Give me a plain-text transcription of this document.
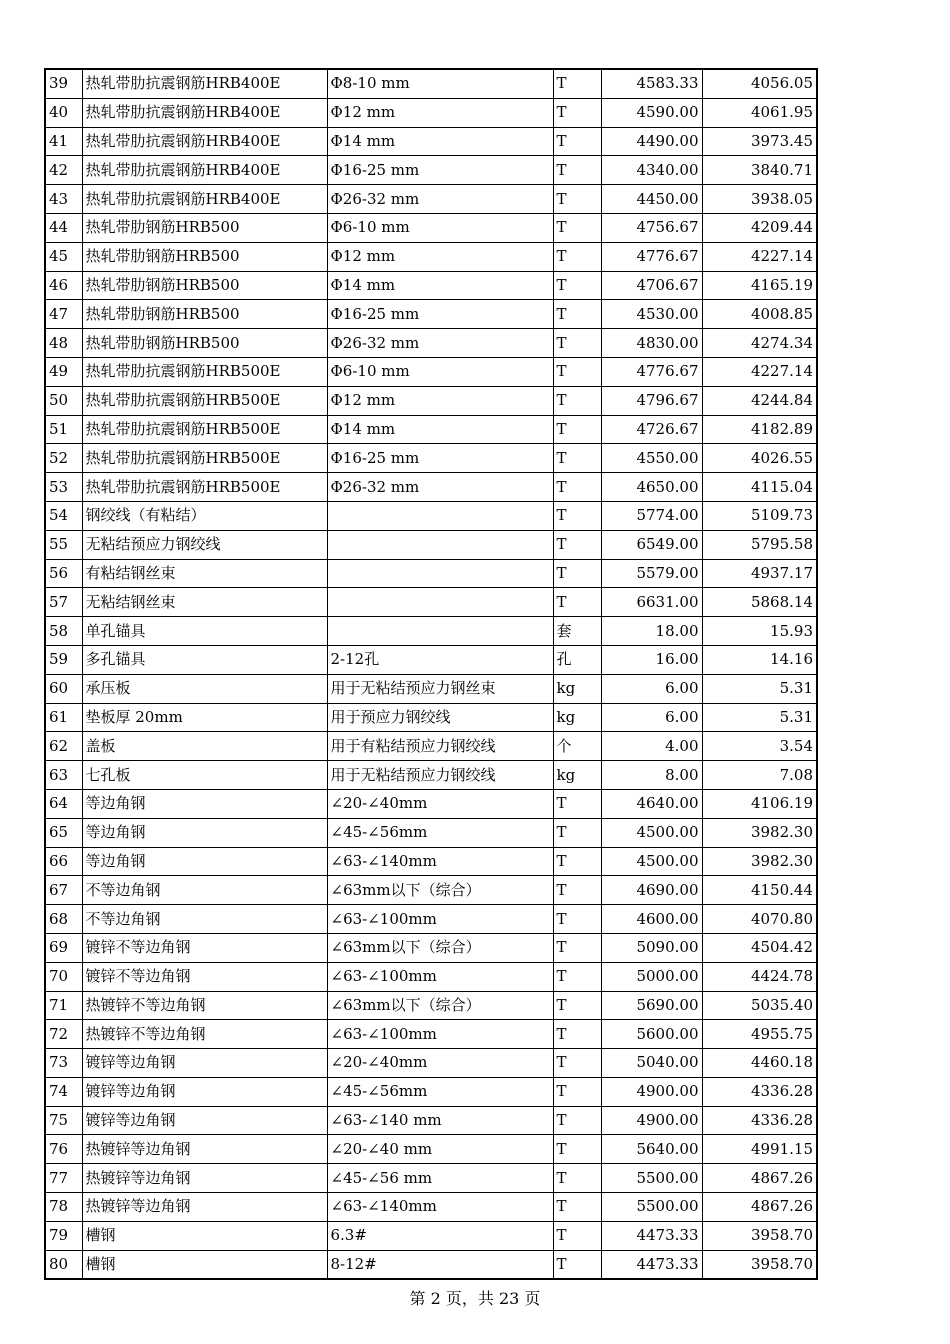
39	热轧带肋抗震钢筋HRB400E	Φ8-10 mm	T	4583.33	4056.05
40	热轧带肋抗震钢筋HRB400E	Φ12 mm	T	4590.00	4061.95
41	热轧带肋抗震钢筋HRB400E	Φ14 mm	T	4490.00	3973.45
42	热轧带肋抗震钢筋HRB400E	Φ16-25 mm	T	4340.00	3840.71
43	热轧带肋抗震钢筋HRB400E	Φ26-32 mm	T	4450.00	3938.05
44	热轧带肋钢筋HRB500	Φ6-10 mm	T	4756.67	4209.44
45	热轧带肋钢筋HRB500	Φ12 mm	T	4776.67	4227.14
46	热轧带肋钢筋HRB500	Φ14 mm	T	4706.67	4165.19
47	热轧带肋钢筋HRB500	Φ16-25 mm	T	4530.00	4008.85
48	热轧带肋钢筋HRB500	Φ26-32 mm	T	4830.00	4274.34
49	热轧带肋抗震钢筋HRB500E	Φ6-10 mm	T	4776.67	4227.14
50	热轧带肋抗震钢筋HRB500E	Φ12 mm	T	4796.67	4244.84
51	热轧带肋抗震钢筋HRB500E	Φ14 mm	T	4726.67	4182.89
52	热轧带肋抗震钢筋HRB500E	Φ16-25 mm	T	4550.00	4026.55
53	热轧带肋抗震钢筋HRB500E	Φ26-32 mm	T	4650.00	4115.04
54	钢绞线（有粘结）		T	5774.00	5109.73
55	无粘结预应力钢绞线		T	6549.00	5795.58
56	有粘结钢丝束		T	5579.00	4937.17
57	无粘结钢丝束		T	6631.00	5868.14
58	单孔锚具		套	18.00	15.93
59	多孔锚具	2-12孔	孔	16.00	14.16
60	承压板	用于无粘结预应力钢丝束	kg	6.00	5.31
61	垫板厚 20mm	用于预应力钢绞线	kg	6.00	5.31
62	盖板	用于有粘结预应力钢绞线	个	4.00	3.54
63	七孔板	用于无粘结预应力钢绞线	kg	8.00	7.08
64	等边角钢	∠20-∠40mm	T	4640.00	4106.19
65	等边角钢	∠45-∠56mm	T	4500.00	3982.30
66	等边角钢	∠63-∠140mm	T	4500.00	3982.30
67	不等边角钢	∠63mm以下（综合）	T	4690.00	4150.44
68	不等边角钢	∠63-∠100mm	T	4600.00	4070.80
69	镀锌不等边角钢	∠63mm以下（综合）	T	5090.00	4504.42
70	镀锌不等边角钢	∠63-∠100mm	T	5000.00	4424.78
71	热镀锌不等边角钢	∠63mm以下（综合）	T	5690.00	5035.40
72	热镀锌不等边角钢	∠63-∠100mm	T	5600.00	4955.75
73	镀锌等边角钢	∠20-∠40mm	T	5040.00	4460.18
74	镀锌等边角钢	∠45-∠56mm	T	4900.00	4336.28
75	镀锌等边角钢	∠63-∠140 mm	T	4900.00	4336.28
76	热镀锌等边角钢	∠20-∠40 mm	T	5640.00	4991.15
77	热镀锌等边角钢	∠45-∠56 mm	T	5500.00	4867.26
78	热镀锌等边角钢	∠63-∠140mm	T	5500.00	4867.26
79	槽钢	6.3#	T	4473.33	3958.70
80	槽钢	8-12#	T	4473.33	3958.70
第 2 页，共 23 页
